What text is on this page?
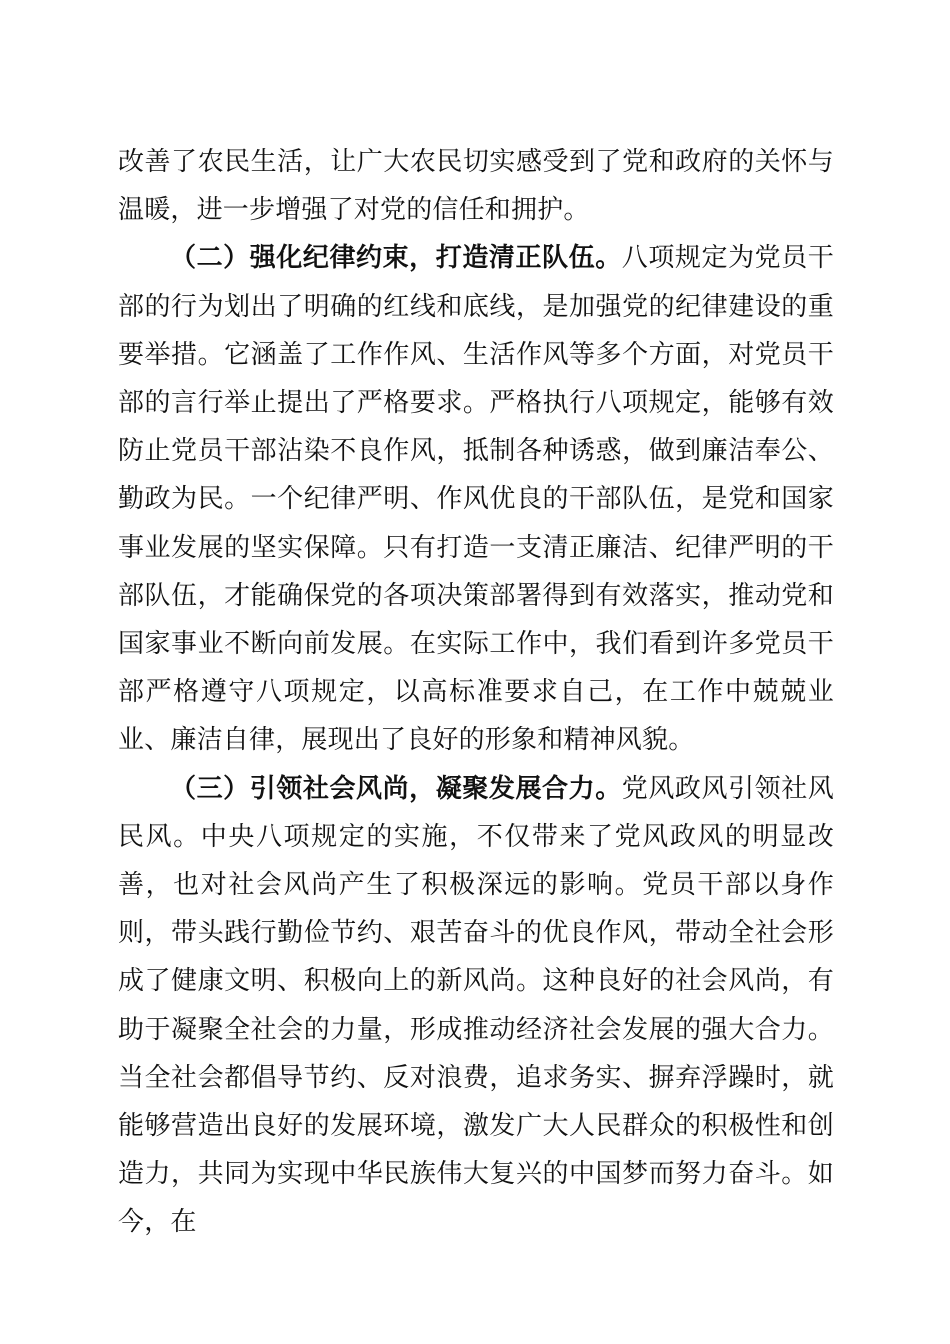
改善了农民生活，让广大农民切实感受到了党和政府的关怀与温暖，进一步增强了对党的信任和拥护。

（二）强化纪律约束，打造清正队伍。八项规定为党员干部的行为划出了明确的红线和底线，是加强党的纪律建设的重要举措。它涵盖了工作作风、生活作风等多个方面，对党员干部的言行举止提出了严格要求。严格执行八项规定，能够有效防止党员干部沾染不良作风，抵制各种诱惑，做到廉洁奉公、勤政为民。一个纪律严明、作风优良的干部队伍，是党和国家事业发展的坚实保障。只有打造一支清正廉洁、纪律严明的干部队伍，才能确保党的各项决策部署得到有效落实，推动党和国家事业不断向前发展。在实际工作中，我们看到许多党员干部严格遵守八项规定，以高标准要求自己，在工作中兢兢业业、廉洁自律，展现出了良好的形象和精神风貌。

（三）引领社会风尚，凝聚发展合力。党风政风引领社风民风。中央八项规定的实施，不仅带来了党风政风的明显改善，也对社会风尚产生了积极深远的影响。党员干部以身作则，带头践行勤俭节约、艰苦奋斗的优良作风，带动全社会形成了健康文明、积极向上的新风尚。这种良好的社会风尚，有助于凝聚全社会的力量，形成推动经济社会发展的强大合力。当全社会都倡导节约、反对浪费，追求务实、摒弃浮躁时，就能够营造出良好的发展环境，激发广大人民群众的积极性和创造力，共同为实现中华民族伟大复兴的中国梦而努力奋斗。如今，在
